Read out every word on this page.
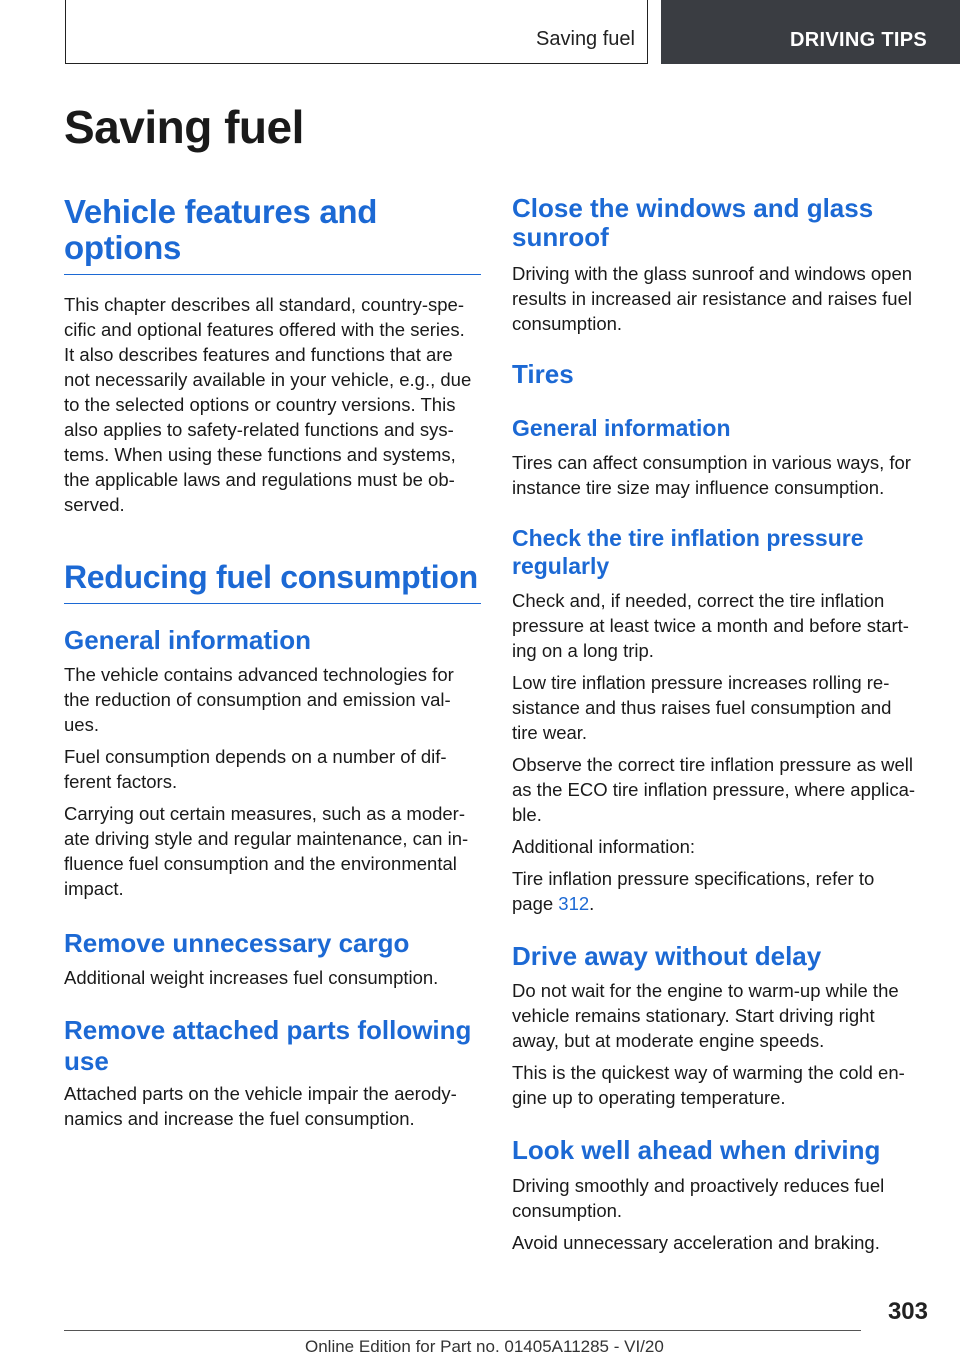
Saving fuel	DRIVING TIPS
Saving fuel
Vehicle features and options

This chapter describes all standard, country-spe-
cific and optional features offered with the series.
It also describes features and functions that are
not necessarily available in your vehicle, e.g., due
to the selected options or country versions. This
also applies to safety-related functions and sys-
tems. When using these functions and systems,
the applicable laws and regulations must be ob-
served.

Reducing fuel consumption
General information

The vehicle contains advanced technologies for
the reduction of consumption and emission val-
ues.

Fuel consumption depends on a number of dif-
ferent factors.

Carrying out certain measures, such as a moder-
ate driving style and regular maintenance, can in-
fluence fuel consumption and the environmental
impact.

Remove unnecessary cargo

Additional weight increases fuel consumption.

Remove attached parts following
use

Attached parts on the vehicle impair the aerody-
namics and increase the fuel consumption.

Close the windows and glass
sunroof

Driving with the glass sunroof and windows open
results in increased air resistance and raises fuel
consumption.

Tires
General information

Tires can affect consumption in various ways, for
instance tire size may influence consumption.

Check the tire inflation pressure
regularly

Check and, if needed, correct the tire inflation
pressure at least twice a month and before start-
ing on a long trip.

Low tire inflation pressure increases rolling re-
sistance and thus raises fuel consumption and
tire wear.

Observe the correct tire inflation pressure as well
as the ECO tire inflation pressure, where applica-
ble.

Additional information:

Tire inflation pressure specifications, refer to
page 312.

Drive away without delay

Do not wait for the engine to warm-up while the
vehicle remains stationary. Start driving right
away, but at moderate engine speeds.

This is the quickest way of warming the cold en-
gine up to operating temperature.

Look well ahead when driving

Driving smoothly and proactively reduces fuel
consumption.

Avoid unnecessary acceleration and braking.

303
Online Edition for Part no. 01405A11285 - VI/20
